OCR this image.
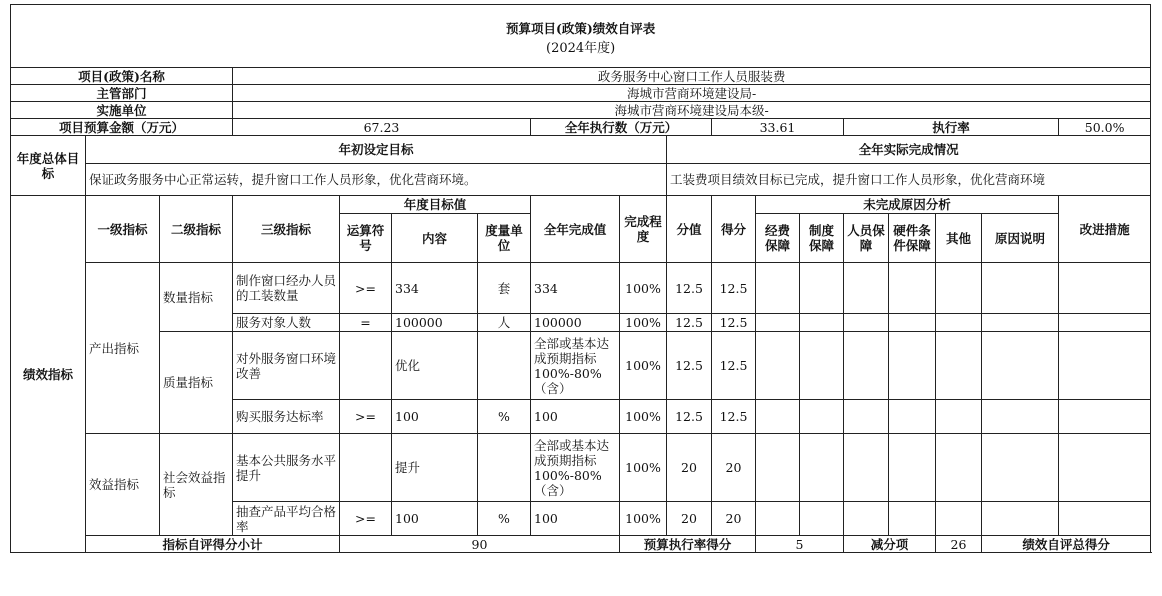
预算项目(政策)绩效自评表
(2024年度)																		

项目(政策)名称			政务服务中心窗口工作人员服装费															
主管部门			海城市营商环境建设局-															
实施单位			海城市营商环境建设局本级-															
项目预算金额（万元）			67.23				全年执行数（万元）			33.61			执行率				50.0%	
年度总体目标	年初设定目标								全年实际完成情况									
	保证政务服务中心正常运转，提升窗口工作人员形象，优化营商环境。								工装费项目绩效目标已完成，提升窗口工作人员形象，优化营商环境									
绩效指标	一级指标	二级指标	三级指标	年度目标值			全年完成值	完成程度	分值	得分	未完成原因分析						改进措施	
				运算符号	内容	度量单位					经费保障	制度保障	人员保障	硬件条件保障	其他	原因说明		
	产出指标	数量指标	制作窗口经办人员的工装数量	>=	334	套	334	100%	12.5	12.5								
			服务对象人数	=	100000	人	100000	100%	12.5	12.5								
		质量指标	对外服务窗口环境改善		优化		全部或基本达成预期指标100%-80%（含）	100%	12.5	12.5								
			购买服务达标率	>=	100	%	100	100%	12.5	12.5								
	效益指标	社会效益指标	基本公共服务水平提升		提升		全部或基本达成预期指标100%-80%（含）	100%	20	20								
			抽查产品平均合格率	>=	100	%	100	100%	20	20								
	指标自评得分小计			90				预算执行率得分			5		减分项		26	绩效自评总得分	
